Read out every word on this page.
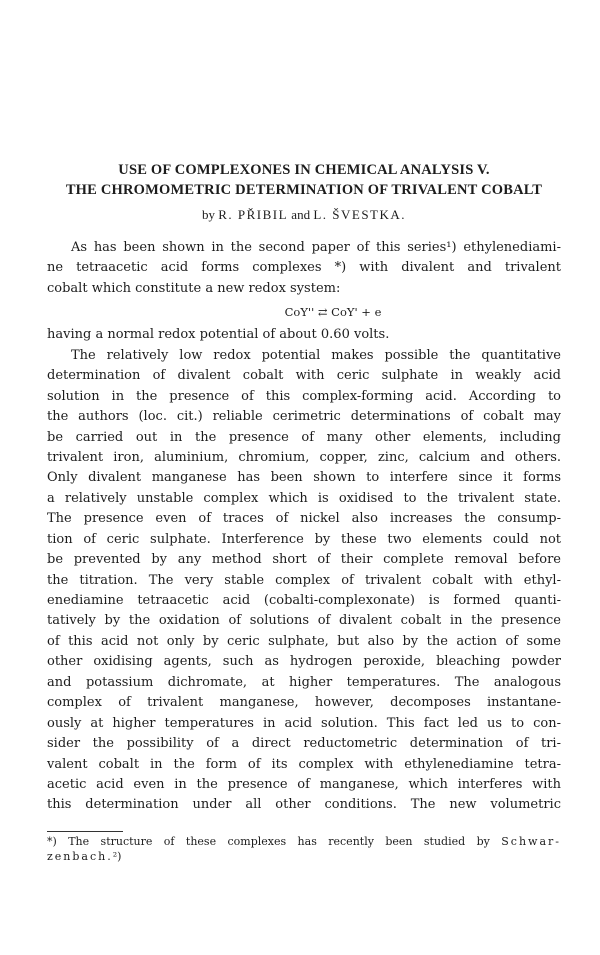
USE OF COMPLEXONES IN CHEMICAL ANALYSIS V.
THE CHROMOMETRIC DETERMINATION OF TRIVALENT COBALT
by R. PŘIBIL and L. ŠVESTKA.
As has been shown in the second paper of this series¹) ethylenediami-
ne tetraacetic acid forms complexes *) with divalent and trivalent
cobalt which constitute a new redox system:
CoY'' ⇄ CoY' + e
having a normal redox potential of about 0.60 volts.
The relatively low redox potential makes possible the quantitative
determination of divalent cobalt with ceric sulphate in weakly acid
solution in the presence of this complex-forming acid. According to
the authors (loc. cit.) reliable cerimetric determinations of cobalt may
be carried out in the presence of many other elements, including
trivalent iron, aluminium, chromium, copper, zinc, calcium and others.
Only divalent manganese has been shown to interfere since it forms
a relatively unstable complex which is oxidised to the trivalent state.
The presence even of traces of nickel also increases the consump-
tion of ceric sulphate. Interference by these two elements could not
be prevented by any method short of their complete removal before
the titration. The very stable complex of trivalent cobalt with ethyl-
enediamine tetraacetic acid (cobalti-complexonate) is formed quanti-
tatively by the oxidation of solutions of divalent cobalt in the presence
of this acid not only by ceric sulphate, but also by the action of some
other oxidising agents, such as hydrogen peroxide, bleaching powder
and potassium dichromate, at higher temperatures. The analogous
complex of trivalent manganese, however, decomposes instantane-
ously at higher temperatures in acid solution. This fact led us to con-
sider the possibility of a direct reductometric determination of tri-
valent cobalt in the form of its complex with ethylenediamine tetra-
acetic acid even in the presence of manganese, which interferes with
this determination under all other conditions. The new volumetric
*) The structure of these complexes has recently been studied by Schwar-
zenbach.²)
